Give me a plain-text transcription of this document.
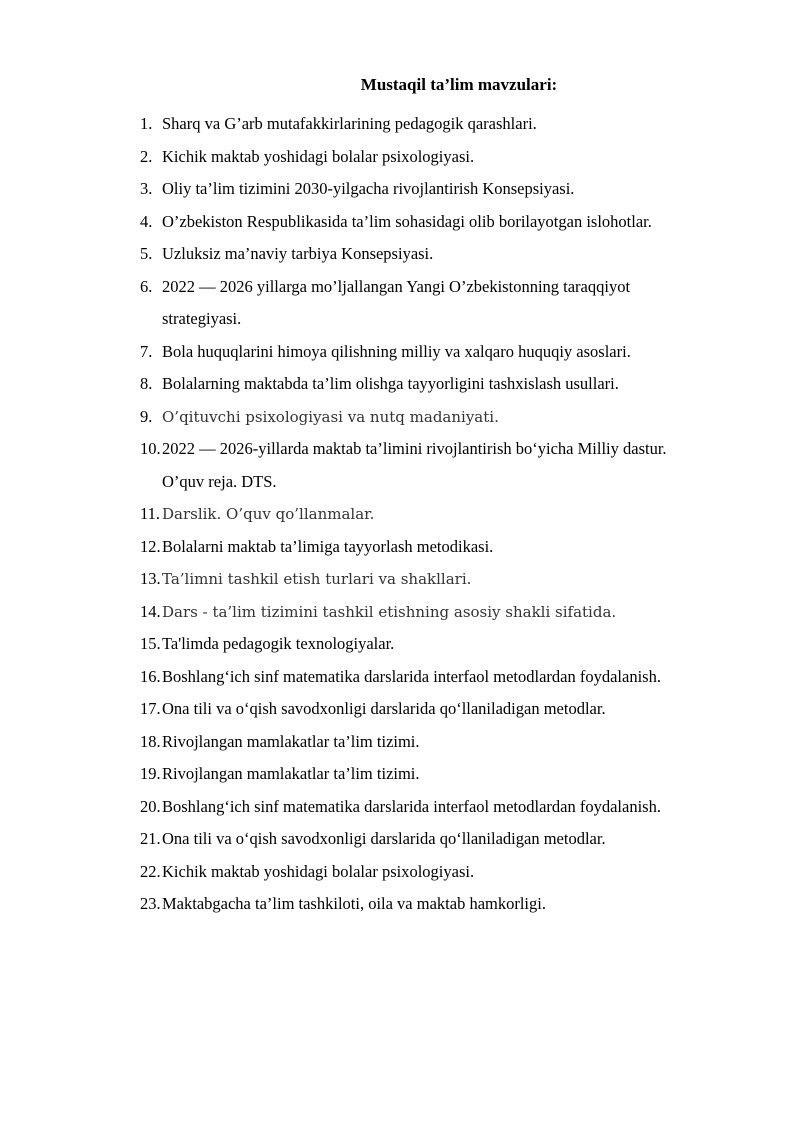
Mustaqil ta’lim mavzulari:
1. Sharq va G’arb mutafakkirlarining pedagogik qarashlari.
2. Kichik maktab yoshidagi bolalar psixologiyasi.
3. Oliy ta’lim tizimini 2030-yilgacha rivojlantirish Konsepsiyasi.
4. O’zbekiston Respublikasida ta’lim sohasidagi olib borilayotgan islohotlar.
5. Uzluksiz ma’naviy tarbiya Konsepsiyasi.
6. 2022 — 2026 yillarga mo’ljallangan Yangi O’zbekistonning taraqqiyot
strategiyasi.
7. Bola huquqlarini himoya qilishning milliy va xalqaro huquqiy asoslari.
8. Bolalarning maktabda ta’lim olishga tayyorligini tashxislash usullari.
9. O’qituvchi psixologiyasi va nutq madaniyati.
10. 2022 — 2026-yillarda maktab ta’limini rivojlantirish bo‘yicha Milliy dastur.
O’quv reja. DTS.
11. Darslik. O’quv qo’llanmalar.
12. Bolalarni maktab ta’limiga tayyorlash metodikasi.
13. Ta’limni tashkil etish turlari va shakllari.
14. Dars - ta’lim tizimini tashkil etishning asosiy shakli sifatida.
15. Ta'limda pedagogik texnologiyalar.
16. Boshlang‘ich sinf matematika darslarida interfaol metodlardan foydalanish.
17. Ona tili va o‘qish savodxonligi darslarida qo‘llaniladigan metodlar.
18. Rivojlangan mamlakatlar ta’lim tizimi.
19. Rivojlangan mamlakatlar ta’lim tizimi.
20. Boshlang‘ich sinf matematika darslarida interfaol metodlardan foydalanish.
21. Ona tili va o‘qish savodxonligi darslarida qo‘llaniladigan metodlar.
22. Kichik maktab yoshidagi bolalar psixologiyasi.
23. Maktabgacha ta’lim tashkiloti, oila va maktab hamkorligi.
